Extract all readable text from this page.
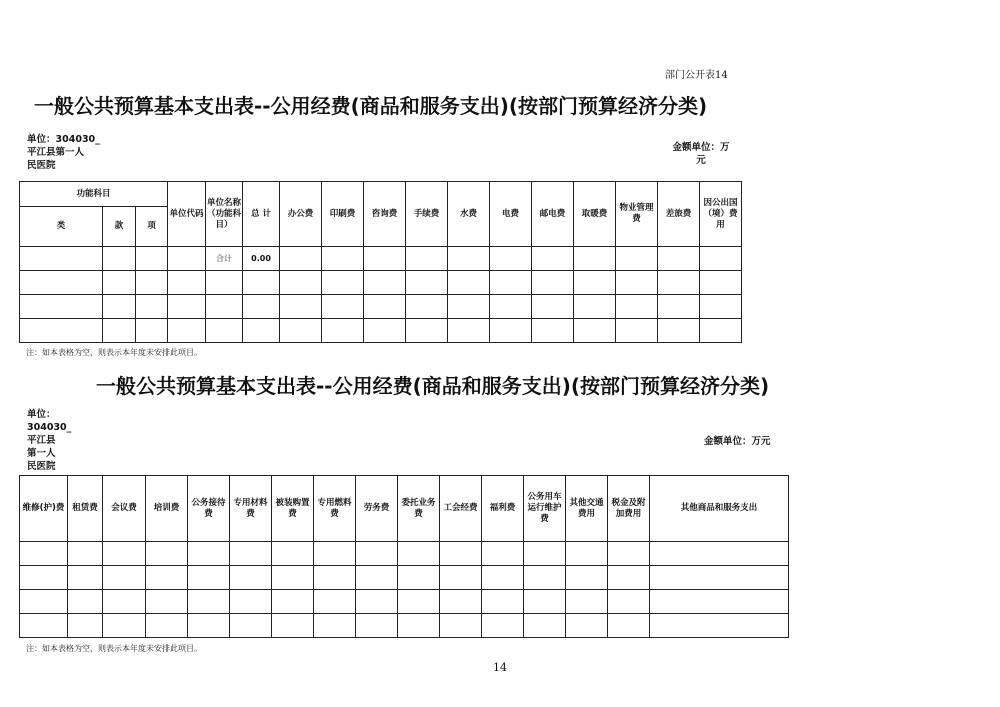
部门公开表14
一般公共预算基本支出表--公用经费(商品和服务支出)(按部门预算经济分类)
单位：304030_
平江县第一人
民医院
金额单位：万
元
功能科目			单位代码	单位名称（功能科目）	总 计	办公费	印刷费	咨询费	手续费	水费	电费	邮电费	取暖费	物业管理费	差旅费	因公出国（境）费用
类	款	项														
				合计	0.00											

注：如本表格为空，则表示本年度未安排此项目。
一般公共预算基本支出表--公用经费(商品和服务支出)(按部门预算经济分类)
单位：
304030_
平江县
第一人
民医院
金额单位：万元
维修(护)费	租赁费	会议费	培训费	公务接待费	专用材料费	被装购置费	专用燃料费	劳务费	委托业务费	工会经费	福利费	公务用车运行维护费	其他交通费用	税金及附加费用	其他商品和服务支出

注：如本表格为空，则表示本年度未安排此项目。
14
